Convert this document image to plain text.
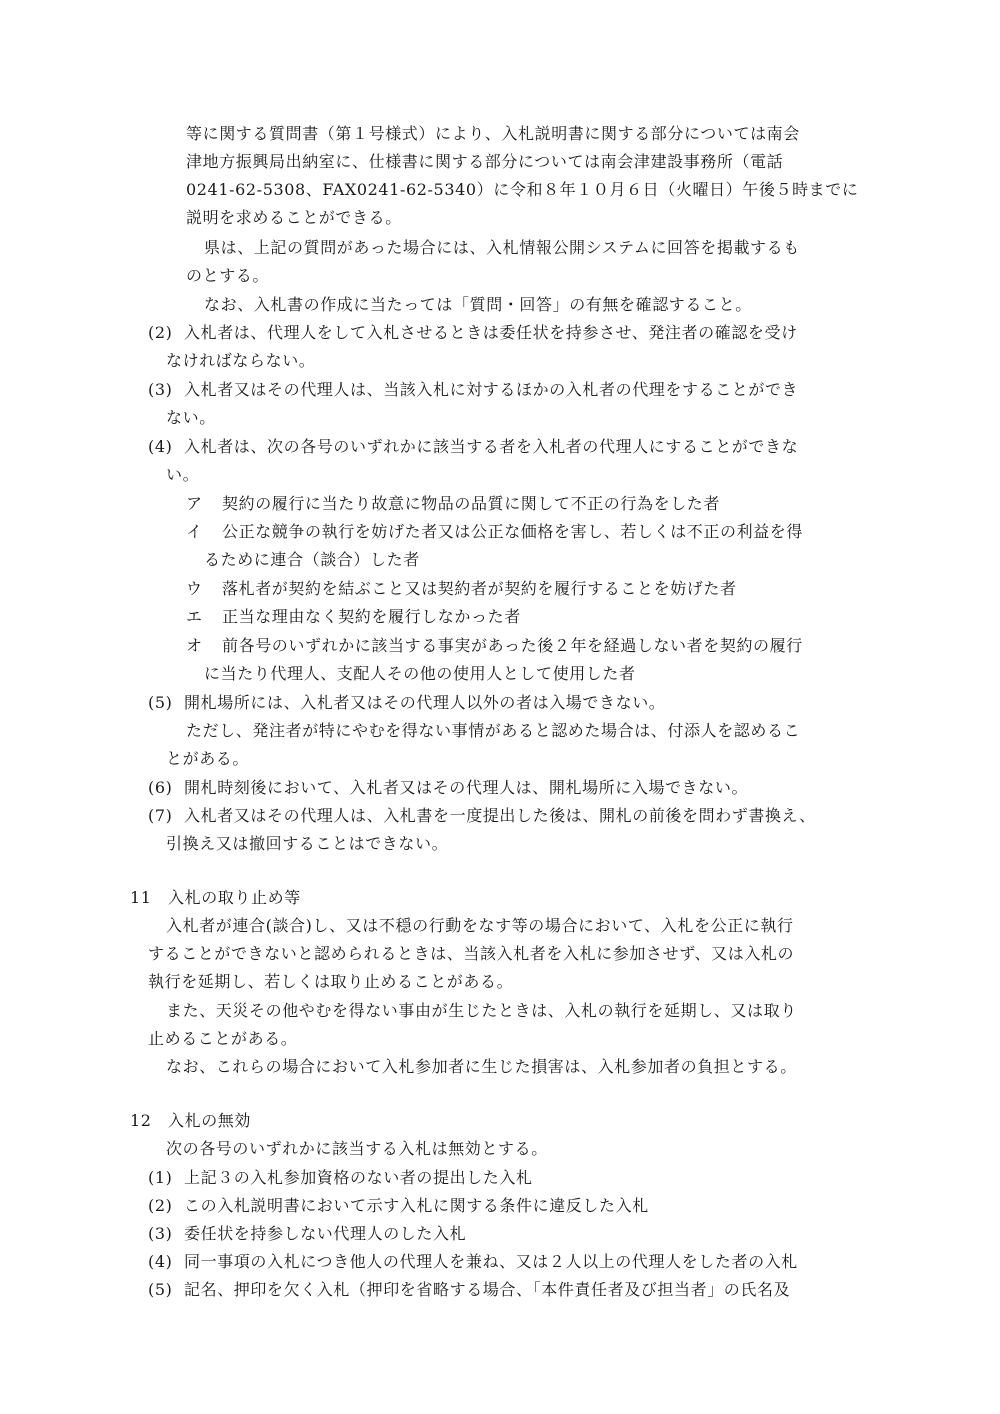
等に関する質問書（第１号様式）により、入札説明書に関する部分については南会
津地方振興局出納室に、仕様書に関する部分については南会津建設事務所（電話
0241-62-5308、FAX0241-62-5340）に令和８年１０月６日（火曜日）午後５時までに
説明を求めることができる。
県は、上記の質問があった場合には、入札情報公開システムに回答を掲載するも
のとする。
なお、入札書の作成に当たっては「質問・回答」の有無を確認すること。
(2) 入札者は、代理人をして入札させるときは委任状を持参させ、発注者の確認を受け
なければならない。
(3) 入札者又はその代理人は、当該入札に対するほかの入札者の代理をすることができ
ない。
(4) 入札者は、次の各号のいずれかに該当する者を入札者の代理人にすることができな
い。
ア 契約の履行に当たり故意に物品の品質に関して不正の行為をした者
イ 公正な競争の執行を妨げた者又は公正な価格を害し、若しくは不正の利益を得
るために連合（談合）した者
ウ 落札者が契約を結ぶこと又は契約者が契約を履行することを妨げた者
エ 正当な理由なく契約を履行しなかった者
オ 前各号のいずれかに該当する事実があった後２年を経過しない者を契約の履行
に当たり代理人、支配人その他の使用人として使用した者
(5) 開札場所には、入札者又はその代理人以外の者は入場できない。
ただし、発注者が特にやむを得ない事情があると認めた場合は、付添人を認めるこ
とがある。
(6) 開札時刻後において、入札者又はその代理人は、開札場所に入場できない。
(7) 入札者又はその代理人は、入札書を一度提出した後は、開札の前後を問わず書換え、
引換え又は撤回することはできない。
11 入札の取り止め等
入札者が連合(談合)し、又は不穏の行動をなす等の場合において、入札を公正に執行
することができないと認められるときは、当該入札者を入札に参加させず、又は入札の
執行を延期し、若しくは取り止めることがある。
また、天災その他やむを得ない事由が生じたときは、入札の執行を延期し、又は取り
止めることがある。
なお、これらの場合において入札参加者に生じた損害は、入札参加者の負担とする。
12 入札の無効
次の各号のいずれかに該当する入札は無効とする。
(1) 上記３の入札参加資格のない者の提出した入札
(2) この入札説明書において示す入札に関する条件に違反した入札
(3) 委任状を持参しない代理人のした入札
(4) 同一事項の入札につき他人の代理人を兼ね、又は２人以上の代理人をした者の入札
(5) 記名、押印を欠く入札（押印を省略する場合、「本件責任者及び担当者」の氏名及
